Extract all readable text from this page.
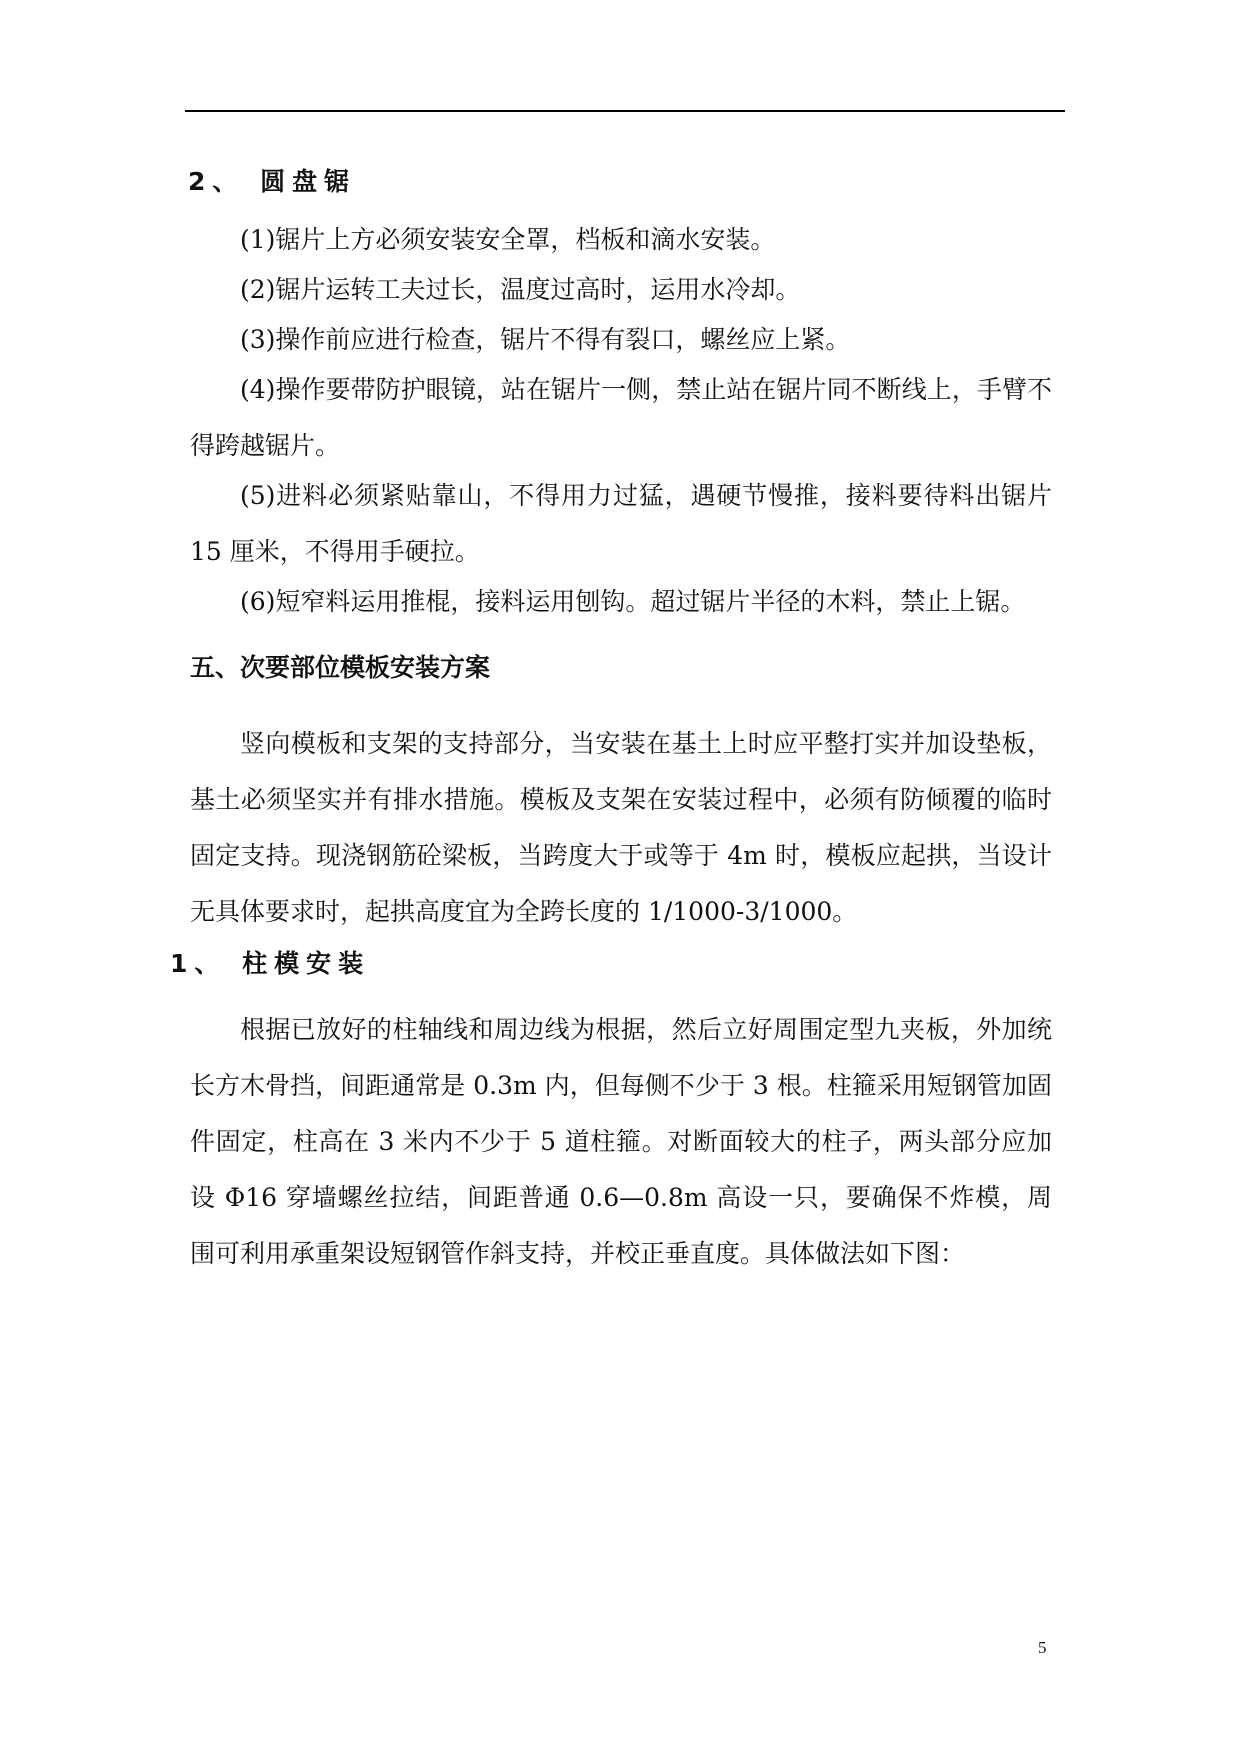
2、 圆盘锯
(1)锯片上方必须安装安全罩，档板和滴水安装。
(2)锯片运转工夫过长，温度过高时，运用水冷却。
(3)操作前应进行检查，锯片不得有裂口，螺丝应上紧。
(4)操作要带防护眼镜，站在锯片一侧，禁止站在锯片同不断线上，手臂不得跨越锯片。
(5)进料必须紧贴靠山，不得用力过猛，遇硬节慢推，接料要待料出锯片 15 厘米，不得用手硬拉。
(6)短窄料运用推棍，接料运用刨钩。超过锯片半径的木料，禁止上锯。
五、次要部位模板安装方案
竖向模板和支架的支持部分，当安装在基土上时应平整打实并加设垫板，基土必须坚实并有排水措施。模板及支架在安装过程中，必须有防倾覆的临时固定支持。现浇钢筋砼梁板，当跨度大于或等于 4m 时，模板应起拱，当设计无具体要求时，起拱高度宜为全跨长度的 1/1000-3/1000。
1、 柱模安装
根据已放好的柱轴线和周边线为根据，然后立好周围定型九夹板，外加统长方木骨挡，间距通常是 0.3m 内，但每侧不少于 3 根。柱箍采用短钢管加固件固定，柱高在 3 米内不少于 5 道柱箍。对断面较大的柱子，两头部分应加设 Φ16 穿墙螺丝拉结，间距普通 0.6—0.8m 高设一只，要确保不炸模，周围可利用承重架设短钢管作斜支持，并校正垂直度。具体做法如下图：
5
